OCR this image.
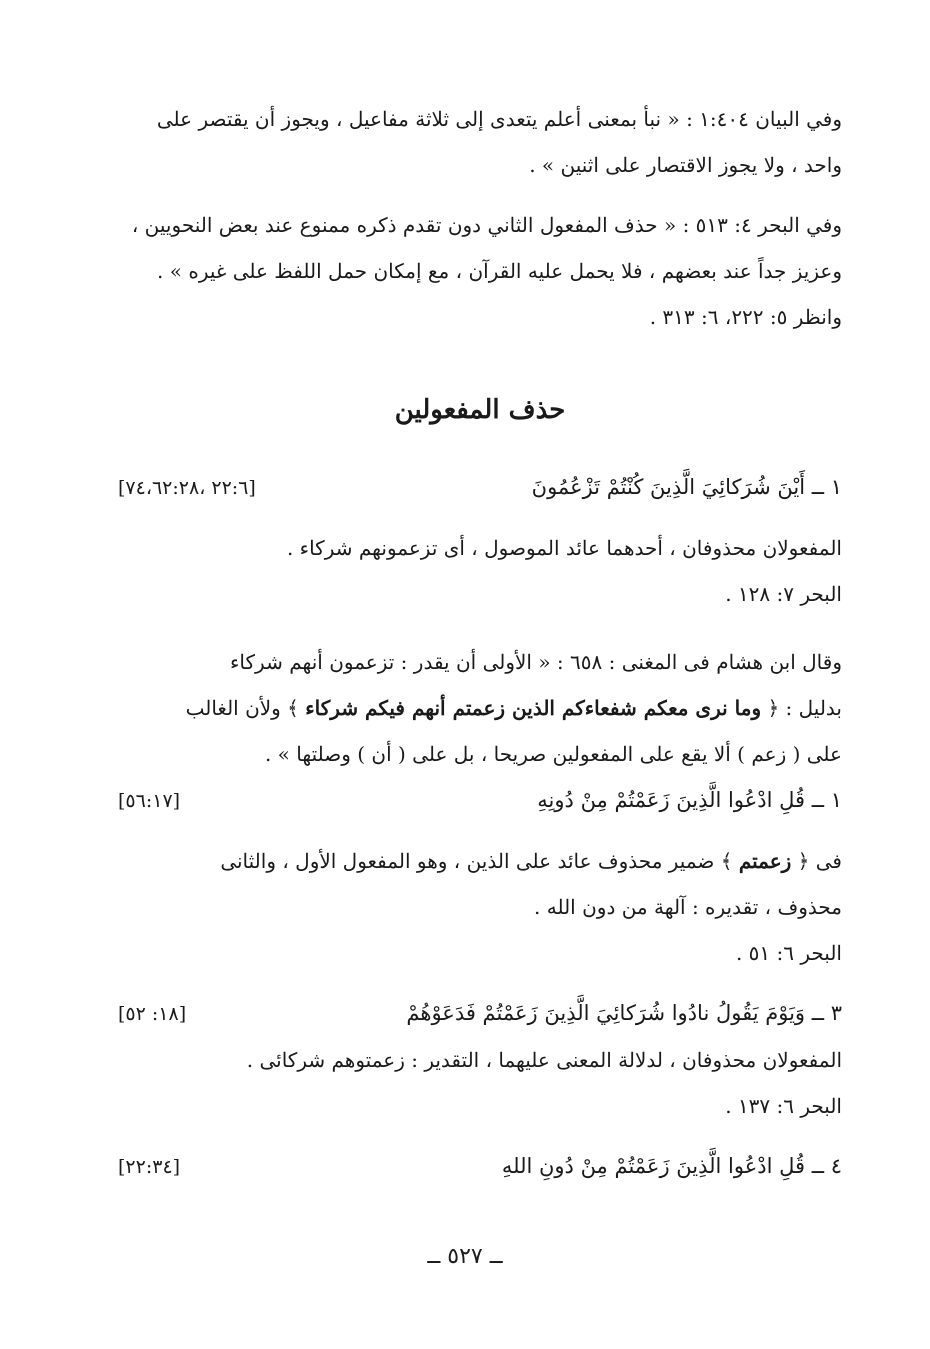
وفي البيان ١:٤٠٤ : « نبأ بمعنى أعلم يتعدى إلى ثلاثة مفاعيل ، ويجوز أن يقتصر على واحد ، ولا يجوز الاقتصار على اثنين » .

وفي البحر ٤: ٥١٣ : « حذف المفعول الثاني دون تقدم ذكره ممنوع عند بعض النحويين ، وعزيز جداً عند بعضهم ، فلا يحمل عليه القرآن ، مع إمكان حمل اللفظ على غيره » .

وانظر ٥: ٢٢٢، ٦: ٣١٣ .

حذف المفعولين
١ ــ أَيْنَ شُرَكائِيَ الَّذِينَ كُنْتُمْ تَزْعُمُونَ
[٢٢:٦ ،٧٤،٦٢:٢٨]

المفعولان محذوفان ، أحدهما عائد الموصول ، أى تزعمونهم شركاء .

البحر ٧: ١٢٨ .

وقال ابن هشام فى المغنى : ٦٥٨ : « الأولى أن يقدر : تزعمون أنهم شركاء

بدليل : ﴿ وما نرى معكم شفعاءكم الذين زعمتم أنهم فيكم شركاء ﴾ ولأن الغالب

على ( زعم ) ألا يقع على المفعولين صريحا ، بل على ( أن ) وصلتها » .

١ ــ قُلِ ادْعُوا الَّذِينَ زَعَمْتُمْ مِنْ دُونِهِ
[٥٦:١٧]

فى ﴿ زعمتم ﴾ ضمير محذوف عائد على الذين ، وهو المفعول الأول ، والثانى

محذوف ، تقديره : آلهة من دون الله .

البحر ٦: ٥١ .

٣ ــ وَيَوْمَ يَقُولُ نادُوا شُرَكائِيَ الَّذِينَ زَعَمْتُمْ فَدَعَوْهُمْ
[١٨: ٥٢]

المفعولان محذوفان ، لدلالة المعنى عليهما ، التقدير : زعمتوهم شركائى .

البحر ٦: ١٣٧ .

٤ ــ قُلِ ادْعُوا الَّذِينَ زَعَمْتُمْ مِنْ دُونِ اللهِ
[٢٢:٣٤]
ــ ٥٢٧ ــ
